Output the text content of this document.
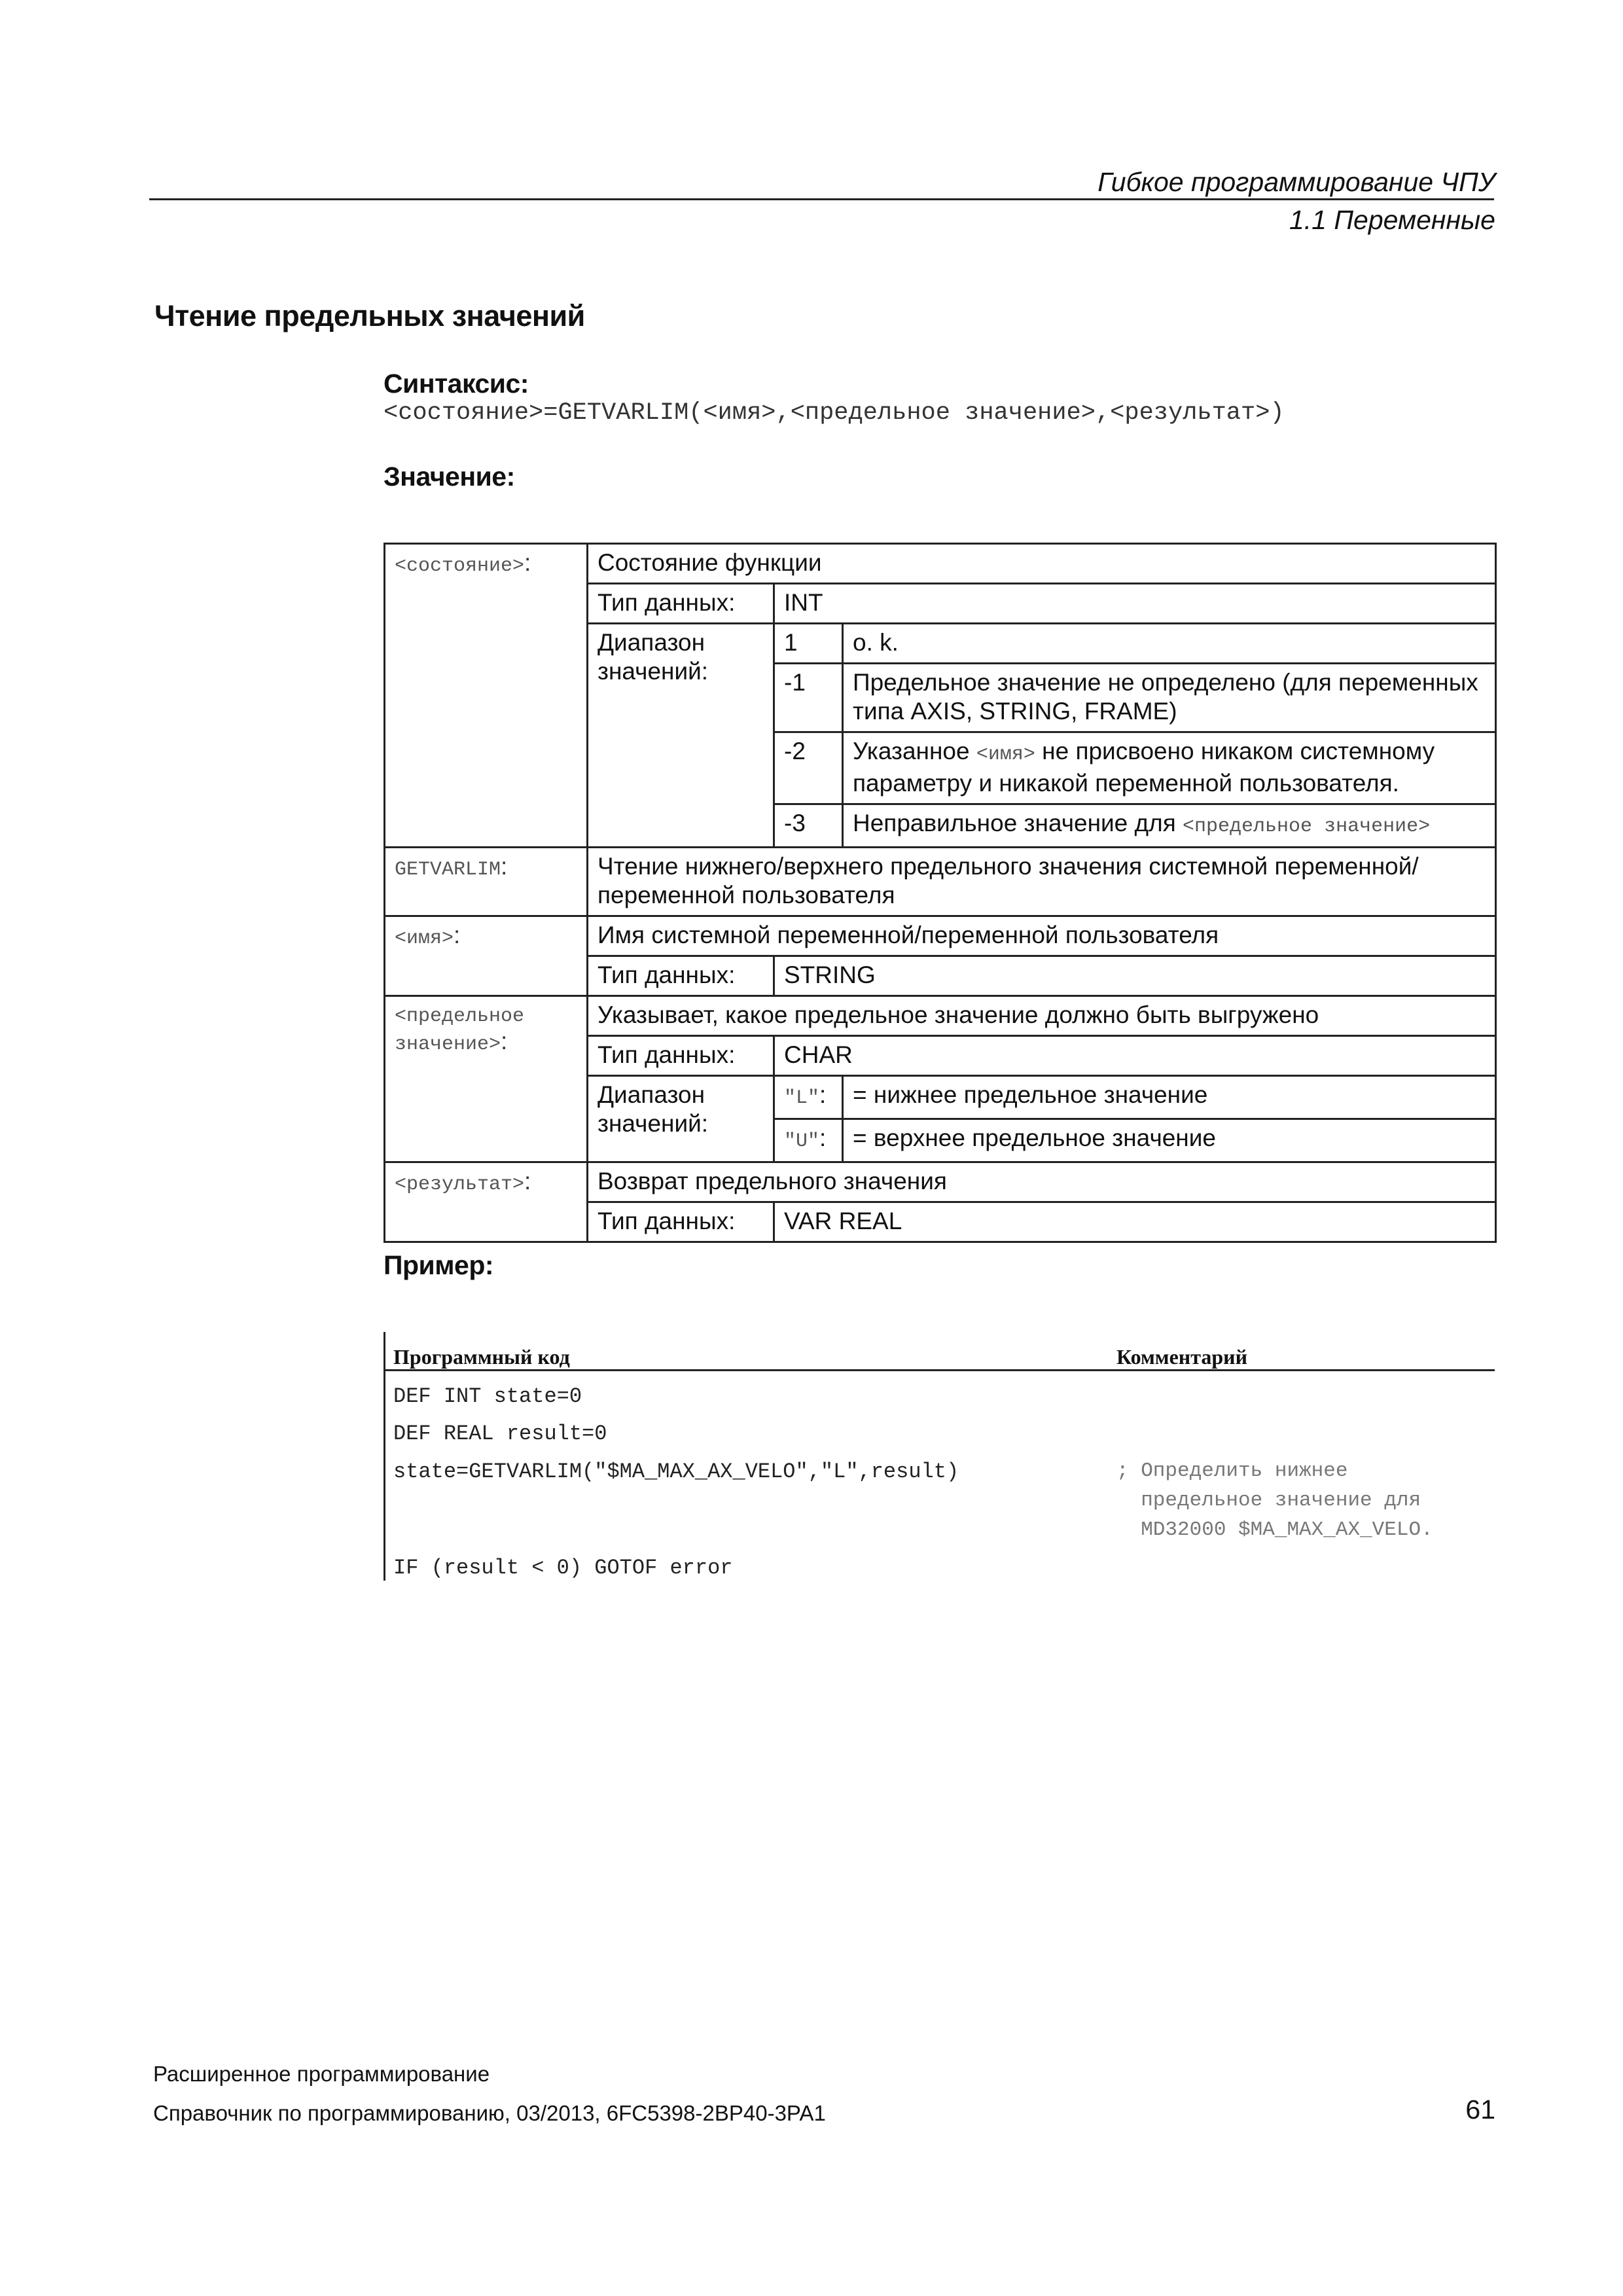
Гибкое программирование ЧПУ
1.1 Переменные
Чтение предельных значений
Синтаксис:
<состояние>=GETVARLIM(<имя>,<предельное значение>,<результат>)
Значение:
<состояние>:	Состояние функции		
	Тип данных:	INT	
	Диапазон значений:	1	o. k.
		-1	Предельное значение не определено (для переменных типа AXIS, STRING, FRAME)

		-2	Указанное <имя> не присвоено никаком системному параметру и никакой переменной пользователя.
		-3	Неправильное значение для <предельное значение>
GETVARLIM:	Чтение нижнего/верхнего предельного значения системной переменной/переменной пользователя		
<имя>:	Имя системной переменной/переменной пользователя		
	Тип данных:	STRING	
<предельное значение>:	Указывает, какое предельное значение должно быть выгружено		
	Тип данных:	CHAR	
	Диапазон значений:	"L":	= нижнее предельное значение
		"U":	= верхнее предельное значение
<результат>:	Возврат предельного значения		
	Тип данных:	VAR REAL	
Пример:
Программный код	Комментарий
DEF INT state=0
DEF REAL result=0
state=GETVARLIM("$MA_MAX_AX_VELO","L",result)	; Определить нижнее
предельное значение для
MD32000 $MA_MAX_AX_VELO.
IF (result < 0) GOTOF error
Расширенное программирование
Справочник по программированию, 03/2013, 6FC5398-2BP40-3PA1	61
